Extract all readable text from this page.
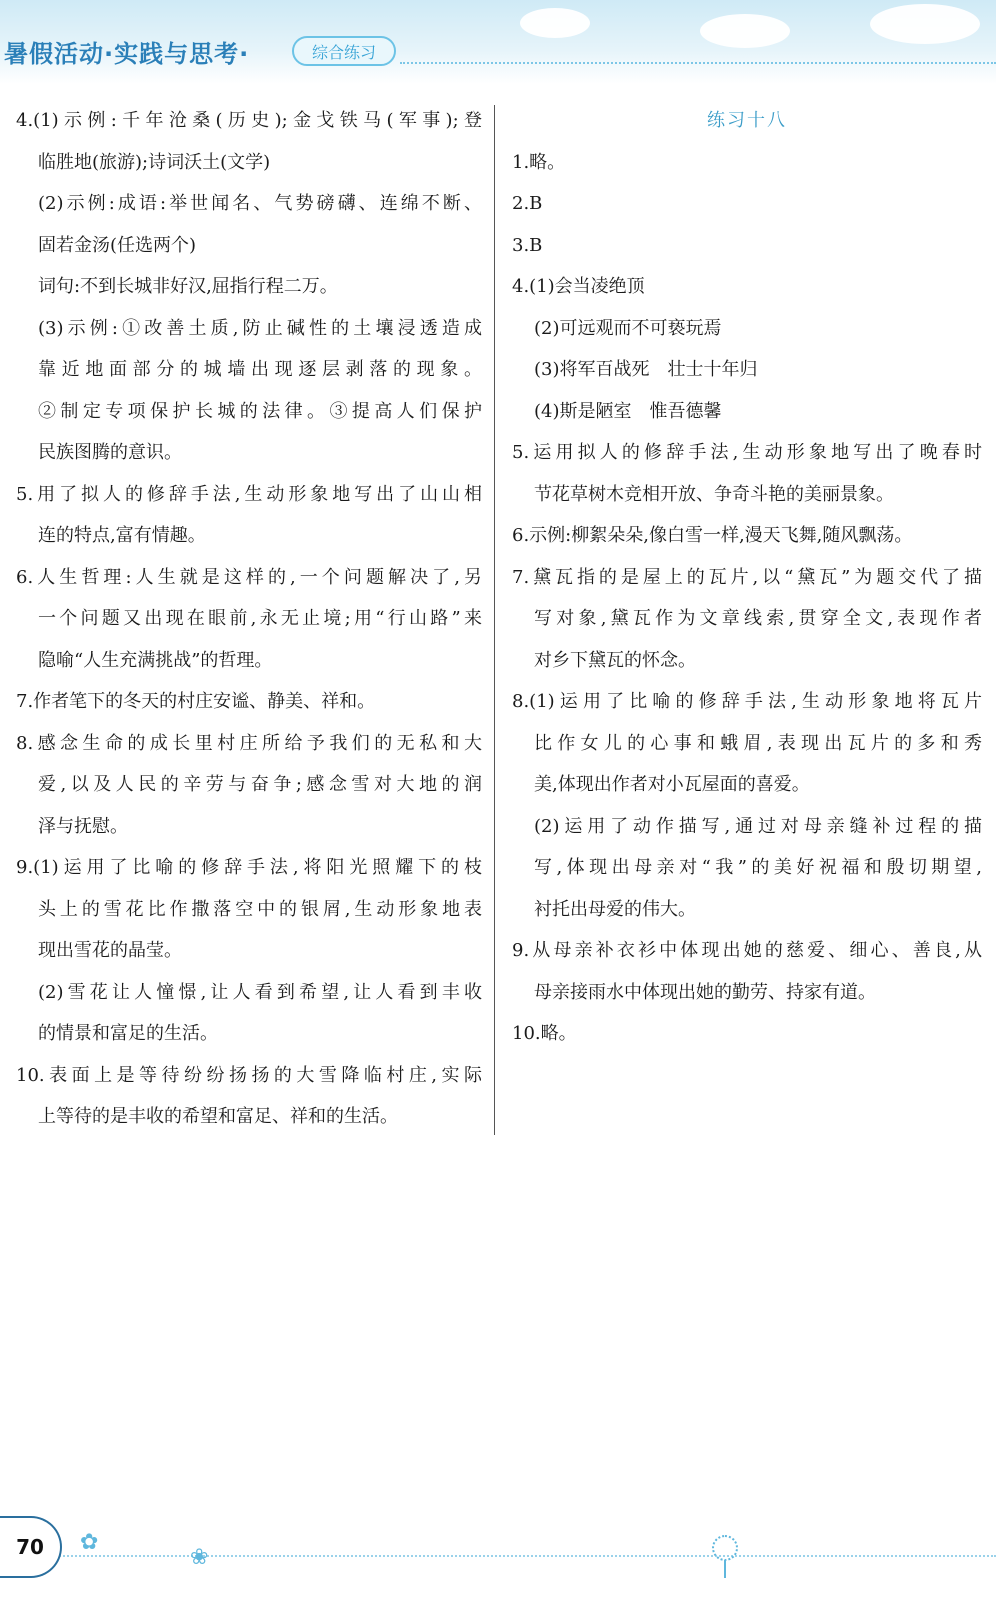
暑假活动·实践与思考·	综合练习
4.(1)示例:千年沧桑(历史);金戈铁马(军事);登
临胜地(旅游);诗词沃土(文学)
(2)示例:成语:举世闻名、气势磅礴、连绵不断、
固若金汤(任选两个)
词句:不到长城非好汉,屈指行程二万。
(3)示例:①改善土质,防止碱性的土壤浸透造成
靠近地面部分的城墙出现逐层剥落的现象。
②制定专项保护长城的法律。③提高人们保护
民族图腾的意识。
5.用了拟人的修辞手法,生动形象地写出了山山相
连的特点,富有情趣。
6.人生哲理:人生就是这样的,一个问题解决了,另
一个问题又出现在眼前,永无止境;用“行山路”来
隐喻“人生充满挑战”的哲理。
7.作者笔下的冬天的村庄安谧、静美、祥和。
8.感念生命的成长里村庄所给予我们的无私和大
爱,以及人民的辛劳与奋争;感念雪对大地的润
泽与抚慰。
9.(1)运用了比喻的修辞手法,将阳光照耀下的枝
头上的雪花比作撒落空中的银屑,生动形象地表
现出雪花的晶莹。
(2)雪花让人憧憬,让人看到希望,让人看到丰收
的情景和富足的生活。
10.表面上是等待纷纷扬扬的大雪降临村庄,实际
上等待的是丰收的希望和富足、祥和的生活。
练习十八
1.略。
2.B
3.B
4.(1)会当凌绝顶
(2)可远观而不可亵玩焉
(3)将军百战死　壮士十年归
(4)斯是陋室　惟吾德馨
5.运用拟人的修辞手法,生动形象地写出了晚春时
节花草树木竞相开放、争奇斗艳的美丽景象。
6.示例:柳絮朵朵,像白雪一样,漫天飞舞,随风飘荡。
7.黛瓦指的是屋上的瓦片,以“黛瓦”为题交代了描
写对象,黛瓦作为文章线索,贯穿全文,表现作者
对乡下黛瓦的怀念。
8.(1)运用了比喻的修辞手法,生动形象地将瓦片
比作女儿的心事和蛾眉,表现出瓦片的多和秀
美,体现出作者对小瓦屋面的喜爱。
(2)运用了动作描写,通过对母亲缝补过程的描
写,体现出母亲对“我”的美好祝福和殷切期望,
衬托出母爱的伟大。
9.从母亲补衣衫中体现出她的慈爱、细心、善良,从
母亲接雨水中体现出她的勤劳、持家有道。
10.略。
70	✿
❀
